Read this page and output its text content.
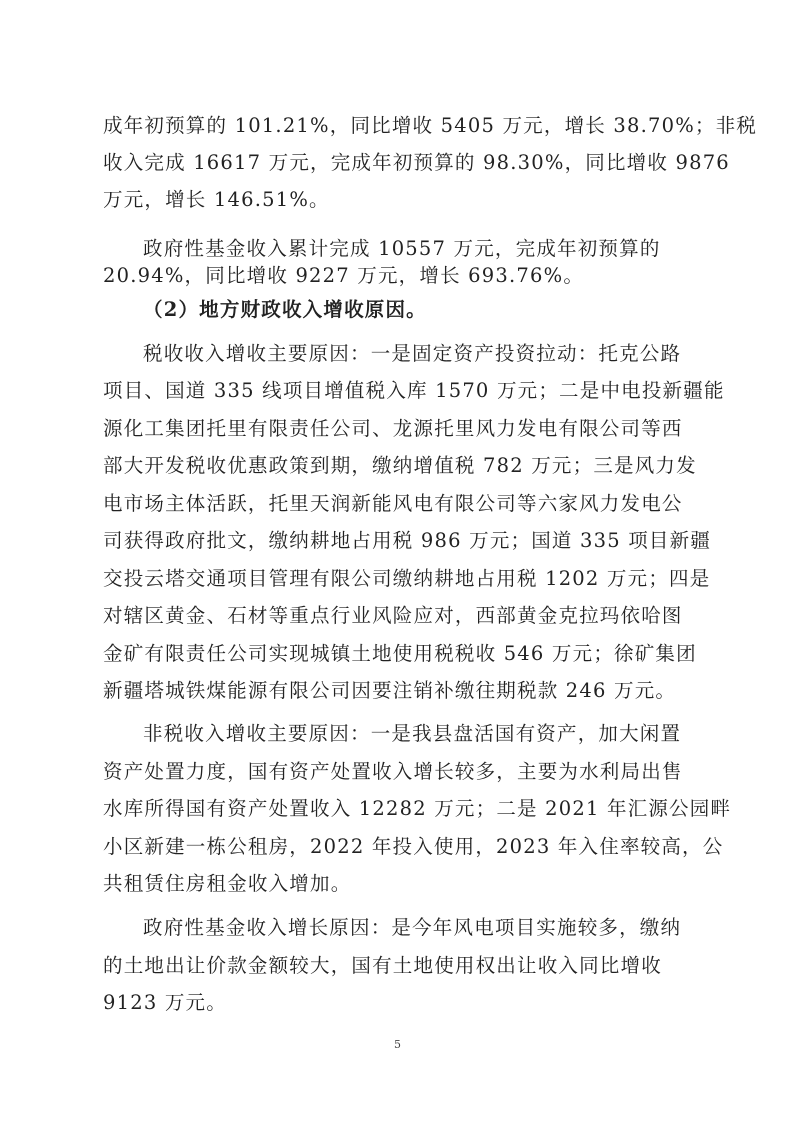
成年初预算的 101.21%，同比增收 5405 万元，增长 38.70%；非税
收入完成 16617 万元，完成年初预算的 98.30%，同比增收 9876
万元，增长 146.51%。
政府性基金收入累计完成 10557 万元，完成年初预算的
20.94%，同比增收 9227 万元，增长 693.76%。
（2）地方财政收入增收原因。
税收收入增收主要原因：一是固定资产投资拉动：托克公路
项目、国道 335 线项目增值税入库 1570 万元；二是中电投新疆能
源化工集团托里有限责任公司、龙源托里风力发电有限公司等西
部大开发税收优惠政策到期，缴纳增值税 782 万元；三是风力发
电市场主体活跃，托里天润新能风电有限公司等六家风力发电公
司获得政府批文，缴纳耕地占用税 986 万元；国道 335 项目新疆
交投云塔交通项目管理有限公司缴纳耕地占用税 1202 万元；四是
对辖区黄金、石材等重点行业风险应对，西部黄金克拉玛依哈图
金矿有限责任公司实现城镇土地使用税税收 546 万元；徐矿集团
新疆塔城铁煤能源有限公司因要注销补缴往期税款 246 万元。
非税收入增收主要原因：一是我县盘活国有资产，加大闲置
资产处置力度，国有资产处置收入增长较多，主要为水利局出售
水库所得国有资产处置收入 12282 万元；二是 2021 年汇源公园畔
小区新建一栋公租房，2022 年投入使用，2023 年入住率较高，公
共租赁住房租金收入增加。
政府性基金收入增长原因：是今年风电项目实施较多，缴纳
的土地出让价款金额较大，国有土地使用权出让收入同比增收
9123 万元。
5
